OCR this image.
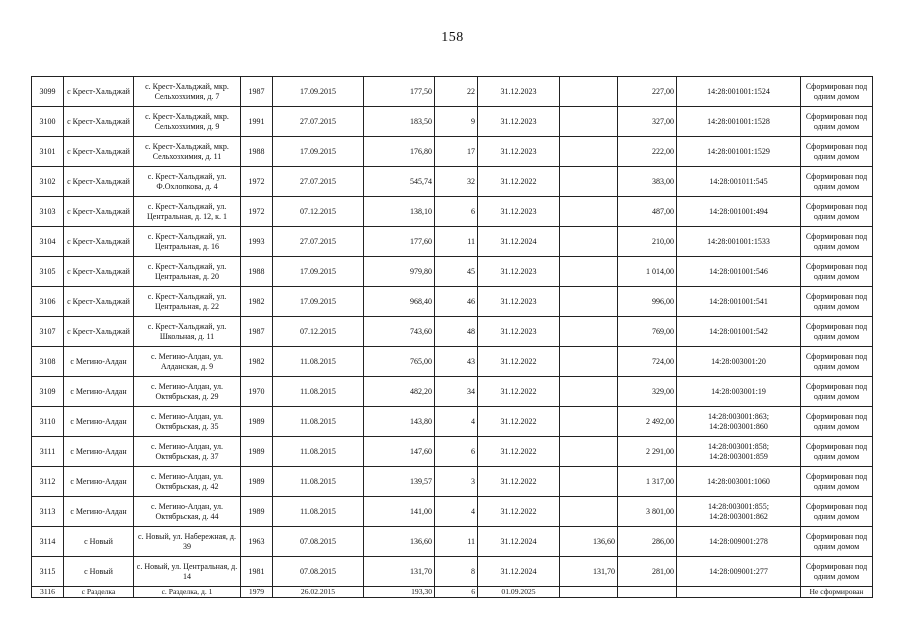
158
3099	с Крест-Хальджай	с. Крест-Хальджай, мкр. Сельхозхимия, д. 7	1987	17.09.2015	177,50	22	31.12.2023		227,00	14:28:001001:1524	Сформирован под одним домом
3100	с Крест-Хальджай	с. Крест-Хальджай, мкр. Сельхозхимия, д. 9	1991	27.07.2015	183,50	9	31.12.2023		327,00	14:28:001001:1528	Сформирован под одним домом
3101	с Крест-Хальджай	с. Крест-Хальджай, мкр. Сельхозхимия, д. 11	1988	17.09.2015	176,80	17	31.12.2023		222,00	14:28:001001:1529	Сформирован под одним домом
3102	с Крест-Хальджай	с. Крест-Хальджай, ул. Ф.Охлопкова, д. 4	1972	27.07.2015	545,74	32	31.12.2022		383,00	14:28:001011:545	Сформирован под одним домом
3103	с Крест-Хальджай	с. Крест-Хальджай, ул. Центральная, д. 12, к. 1	1972	07.12.2015	138,10	6	31.12.2023		487,00	14:28:001001:494	Сформирован под одним домом
3104	с Крест-Хальджай	с. Крест-Хальджай, ул. Центральная, д. 16	1993	27.07.2015	177,60	11	31.12.2024		210,00	14:28:001001:1533	Сформирован под одним домом
3105	с Крест-Хальджай	с. Крест-Хальджай, ул. Центральная, д. 20	1988	17.09.2015	979,80	45	31.12.2023		1 014,00	14:28:001001:546	Сформирован под одним домом
3106	с Крест-Хальджай	с. Крест-Хальджай, ул. Центральная, д. 22	1982	17.09.2015	968,40	46	31.12.2023		996,00	14:28:001001:541	Сформирован под одним домом
3107	с Крест-Хальджай	с. Крест-Хальджай, ул. Школьная, д. 11	1987	07.12.2015	743,60	48	31.12.2023		769,00	14:28:001001:542	Сформирован под одним домом
3108	с Мегино-Алдан	с. Мегино-Алдан, ул. Алданская, д. 9	1982	11.08.2015	765,00	43	31.12.2022		724,00	14:28:003001:20	Сформирован под одним домом
3109	с Мегино-Алдан	с. Мегино-Алдан, ул. Октябрьская, д. 29	1970	11.08.2015	482,20	34	31.12.2022		329,00	14:28:003001:19	Сформирован под одним домом
3110	с Мегино-Алдан	с. Мегино-Алдан, ул. Октябрьская, д. 35	1989	11.08.2015	143,80	4	31.12.2022		2 492,00	14:28:003001:863; 14:28:003001:860	Сформирован под одним домом
3111	с Мегино-Алдан	с. Мегино-Алдан, ул. Октябрьская, д. 37	1989	11.08.2015	147,60	6	31.12.2022		2 291,00	14:28:003001:858; 14:28:003001:859	Сформирован под одним домом
3112	с Мегино-Алдан	с. Мегино-Алдан, ул. Октябрьская, д. 42	1989	11.08.2015	139,57	3	31.12.2022		1 317,00	14:28:003001:1060	Сформирован под одним домом
3113	с Мегино-Алдан	с. Мегино-Алдан, ул. Октябрьская, д. 44	1989	11.08.2015	141,00	4	31.12.2022		3 801,00	14:28:003001:855; 14:28:003001:862	Сформирован под одним домом
3114	с Новый	с. Новый, ул. Набережная, д. 39	1963	07.08.2015	136,60	11	31.12.2024	136,60	286,00	14:28:009001:278	Сформирован под одним домом
3115	с Новый	с. Новый, ул. Центральная, д. 14	1981	07.08.2015	131,70	8	31.12.2024	131,70	281,00	14:28:009001:277	Сформирован под одним домом
3116	с Разделка	с. Разделка, д. 1	1979	26.02.2015	193,30	6	01.09.2025				Не сформирован
